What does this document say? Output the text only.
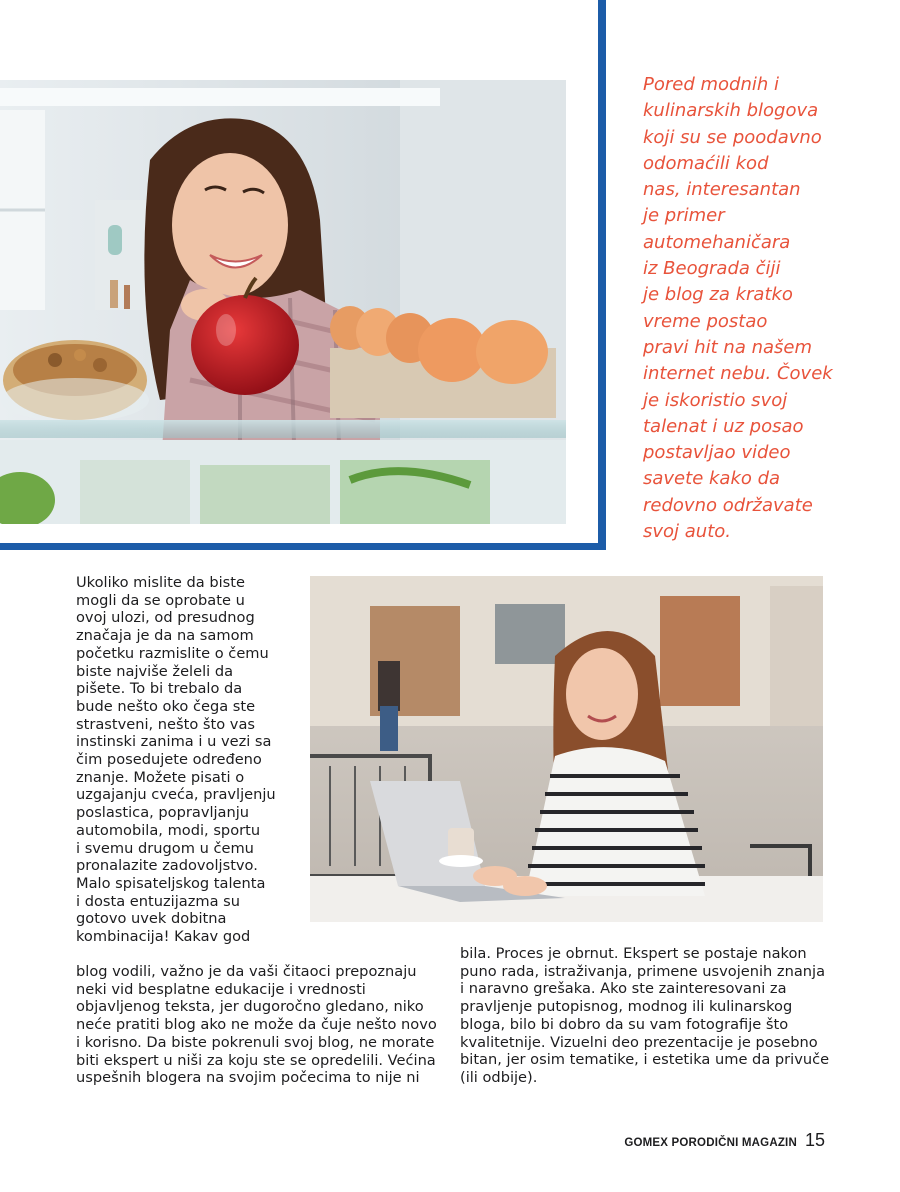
Pored modnih i
kulinarskih blogova
koji su se poodavno
odomaćili kod
nas, interesantan
je primer
automehaničara
iz Beograda čiji
je blog za kratko
vreme postao
pravi hit na našem
internet nebu. Čovek
je iskoristio svoj
talenat i uz posao
postavljao video
savete kako da
redovno održavate
svoj auto.

Ukoliko mislite da biste
mogli da se oprobate u
ovoj ulozi, od presudnog
značaja je da na samom
početku razmislite o čemu
biste najviše želeli da
pišete. To bi trebalo da
bude nešto oko čega ste
strastveni, nešto što vas
instinski zanima i u vezi sa
čim posedujete određeno
znanje. Možete pisati o
uzgajanju cveća, pravljenju
poslastica, popravljanju
automobila, modi, sportu
i svemu drugom u čemu
pronalazite zadovoljstvo.
Malo spisateljskog talenta
i dosta entuzijazma su
gotovo uvek dobitna
kombinacija! Kakav god

blog vodili, važno je da vaši čitaoci prepoznaju
neki vid besplatne edukacije i vrednosti
objavljenog teksta, jer dugoročno gledano, niko
neće pratiti blog ako ne može da čuje nešto novo
i korisno. Da biste pokrenuli svoj blog, ne morate
biti ekspert u niši za koju ste se opredelili. Većina
uspešnih blogera na svojim počecima to nije ni

bila. Proces je obrnut. Ekspert se postaje nakon
puno rada, istraživanja, primene usvojenih znanja
i naravno grešaka. Ako ste zainteresovani za
pravljenje putopisnog, modnog ili kulinarskog
bloga, bilo bi dobro da su vam fotografije što
kvalitetnije. Vizuelni deo prezentacije je posebno
bitan, jer osim tematike, i estetika ume da privuče
(ili odbije).

GOMEX PORODIČNI MAGAZIN 15
